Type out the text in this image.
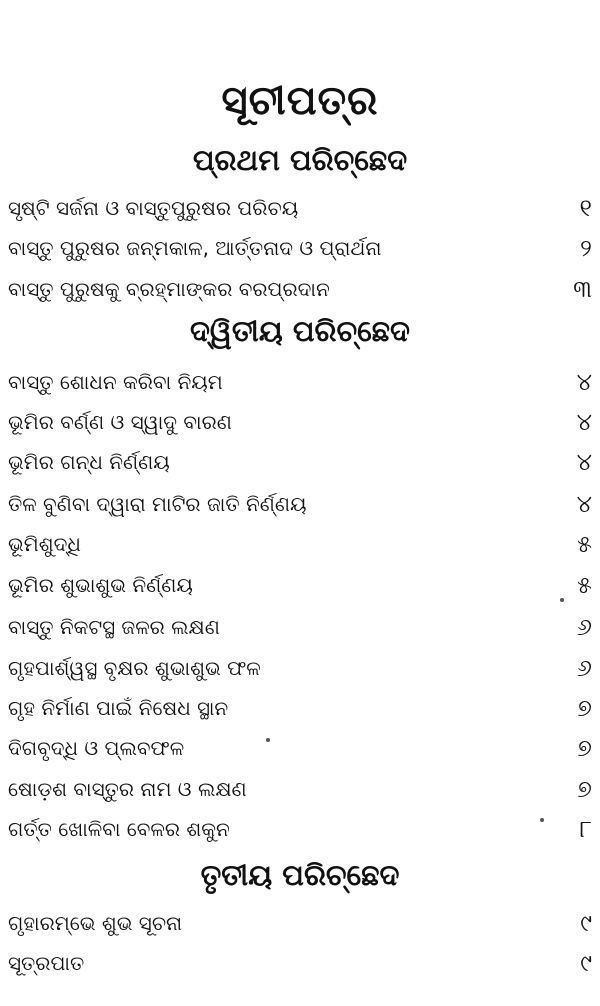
ସୂଚୀପତ୍ର
ପ୍ରଥମ ପରିଚ୍ଛେଦ
ସୃଷ୍ଟି ସର୍ଜନା ଓ ବାସ୍ତୁପୁରୁଷର ପରିଚୟ	୧
ବାସ୍ତୁ ପୁରୁଷର ଜନ୍ମକାଳ, ଆର୍ତ୍ତନାଦ ଓ ପ୍ରାର୍ଥନା	୨
ବାସ୍ତୁ ପୁରୁଷକୁ ବ୍ରହ୍ମାଙ୍କର ବରପ୍ରଦାନ	୩
ଦ୍ୱିତୀୟ ପରିଚ୍ଛେଦ
ବାସ୍ତୁ ଶୋଧନ କରିବା ନିୟମ	୪
ଭୂମିର ବର୍ଣ୍ଣ ଓ ସ୍ୱାଦୁ ବାରଣ	୪
ଭୂମିର ଗନ୍ଧ ନିର୍ଣ୍ଣୟ	୪
ତିଳ ବୁଣିବା ଦ୍ୱାରା ମାଟିର ଜାତି ନିର୍ଣ୍ଣୟ	୪
ଭୂମିଶୁଦ୍ଧି	୫
ଭୂମିର ଶୁଭାଶୁଭ ନିର୍ଣ୍ଣୟ	୫
ବାସ୍ତୁ ନିକଟସ୍ଥ ଜଳର ଲକ୍ଷଣ	୬
ଗୃହପାର୍ଶ୍ୱସ୍ଥ ବୃକ୍ଷର ଶୁଭାଶୁଭ ଫଳ	୬
ଗୃହ ନିର୍ମାଣ ପାଇଁ ନିଷେଧ ସ୍ଥାନ	୭
ଦିଗବୃଦ୍ଧି ଓ ପ୍ଲବଫଳ	୭
ଷୋଡ଼ଶ ବାସ୍ତୁର ନାମ ଓ ଲକ୍ଷଣ	୭
ଗର୍ତ୍ତ ଖୋଳିବା ବେଳର ଶକୁନ	୮
ତୃତୀୟ ପରିଚ୍ଛେଦ
ଗୃହାରମ୍ଭେ ଶୁଭ ସୂଚନା	୯
ସୂତ୍ରପାତ	୯
